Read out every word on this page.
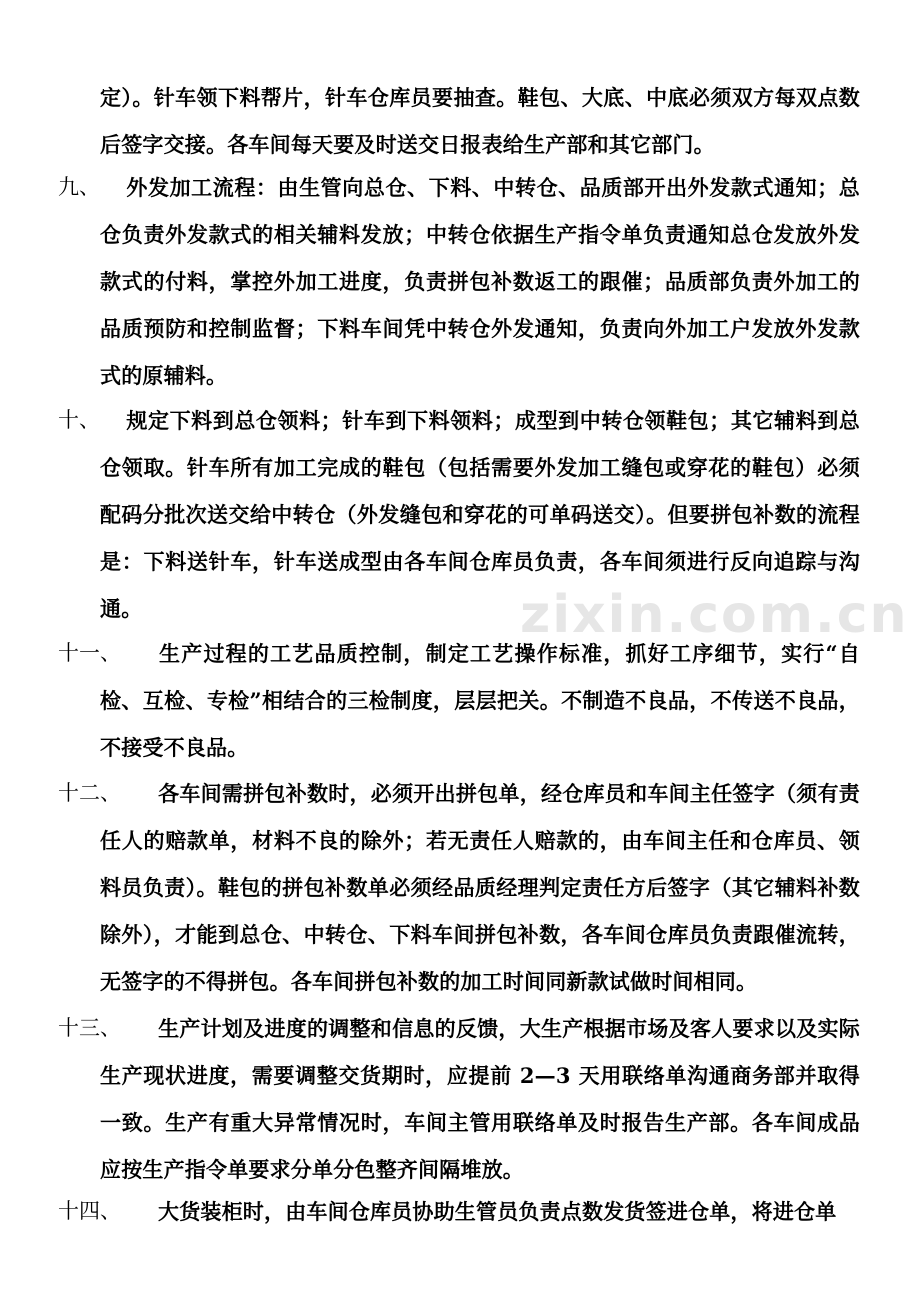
zixin.com.cn
定）。针车领下料帮片，针车仓库员要抽查。鞋包、大底、中底必须双方每双点数后签字交接。各车间每天要及时送交日报表给生产部和其它部门。
九、	外发加工流程：由生管向总仓、下料、中转仓、品质部开出外发款式通知；总仓负责外发款式的相关辅料发放；中转仓依据生产指令单负责通知总仓发放外发款式的付料，掌控外加工进度，负责拼包补数返工的跟催；品质部负责外加工的品质预防和控制监督；下料车间凭中转仓外发通知，负责向外加工户发放外发款式的原辅料。
十、	规定下料到总仓领料；针车到下料领料；成型到中转仓领鞋包；其它辅料到总仓领取。针车所有加工完成的鞋包（包括需要外发加工缝包或穿花的鞋包）必须配码分批次送交给中转仓（外发缝包和穿花的可单码送交）。但要拼包补数的流程是：下料送针车，针车送成型由各车间仓库员负责，各车间须进行反向追踪与沟通。
十一、	生产过程的工艺品质控制，制定工艺操作标准，抓好工序细节，实行“自检、互检、专检”相结合的三检制度，层层把关。不制造不良品，不传送不良品，不接受不良品。
十二、	各车间需拼包补数时，必须开出拼包单，经仓库员和车间主任签字（须有责任人的赔款单，材料不良的除外；若无责任人赔款的，由车间主任和仓库员、领料员负责）。鞋包的拼包补数单必须经品质经理判定责任方后签字（其它辅料补数除外），才能到总仓、中转仓、下料车间拼包补数，各车间仓库员负责跟催流转，无签字的不得拼包。各车间拼包补数的加工时间同新款试做时间相同。
十三、	生产计划及进度的调整和信息的反馈，大生产根据市场及客人要求以及实际生产现状进度，需要调整交货期时，应提前 2—3 天用联络单沟通商务部并取得一致。生产有重大异常情况时，车间主管用联络单及时报告生产部。各车间成品应按生产指令单要求分单分色整齐间隔堆放。
十四、	大货装柜时，由车间仓库员协助生管员负责点数发货签进仓单，将进仓单
